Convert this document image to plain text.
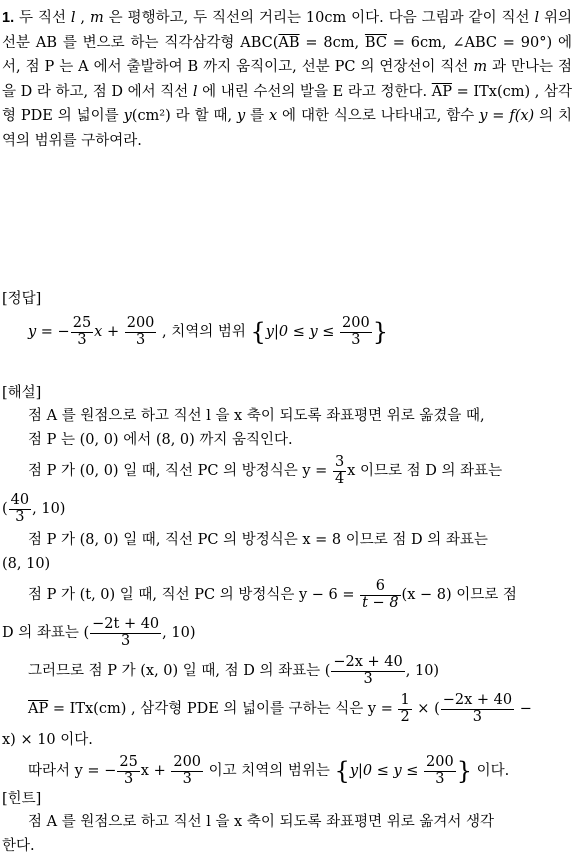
1. 두 직선 l , m 은 평행하고, 두 직선의 거리는 10cm 이다. 다음 그림과 같이 직선 l 위의 선분 AB 를 변으로 하는 직각삼각형 $ABC(\overline{AB} = 8cm$, $\overline{BC} = 6cm$, ∠ABC = 90°) 에서, 점 P 는 A 에서 출발하여 B 까지 움직이고, 선분 PC 의 연장선이 직선 m 과 만나는 점을 D 라 하고, 점 D 에서 직선 l 에 내린 수선의 발을 E 라고 정한다. $\overline{AP} = ITx(cm)$ , 삼각형 PDE 의 넓이를 y(cm²) 라 할 때, y 를 x 에 대한 식으로 나타내고, 함수 y = f(x) 의 치역의 범위를 구하여라.
[정답]
y = − $\frac{25}{3}$ $x + \frac{200}{3}$ , 치역의 범위 {$y|0 \le y \le \frac{200}{3}$ }
[해설]
점 A 를 원점으로 하고 직선 l 을 x 축이 되도록 좌표평면 위로 옮겼을 때,
점 P 는 (0, 0) 에서 (8, 0) 까지 움직인다.
점 P 가 (0, 0) 일 때, 직선 PC 의 방정식은 $y = \frac{3}{4}$ x 이므로 점 D 의 좌표는
( $\frac{40}{3}$ , 10)
점 P 가 (8, 0) 일 때, 직선 PC 의 방정식은 x = 8 이므로 점 D 의 좌표는
(8, 10)
점 P 가 (t, 0) 일 때, 직선 PC 의 방정식은 $y - 6 = \frac{6}{t - 8} (x - 8)$ 이므로 점
D 의 좌표는 ( $\frac{-2t + 40}{3}$ , 10)
그러므로 점 P 가 (x, 0) 일 때, 점 D 의 좌표는 ( $\frac{-2x + 40}{3}$ , 10)
$\overline{AP} = ITx(cm)$ , 삼각형 PDE 의 넓이를 구하는 식은 $y = \frac{1}{2}$ × ( $\frac{-2x + 40}{3}$ −
x) × 10 이다.
따라서 y = − $\frac{25}{3}$ $x + \frac{200}{3}$ 이고 치역의 범위는 {$y|0 \le y \le \frac{200}{3}$ } 이다.
[힌트]
점 A 를 원점으로 하고 직선 l 을 x 축이 되도록 좌표평면 위로 옮겨서 생각
한다.
